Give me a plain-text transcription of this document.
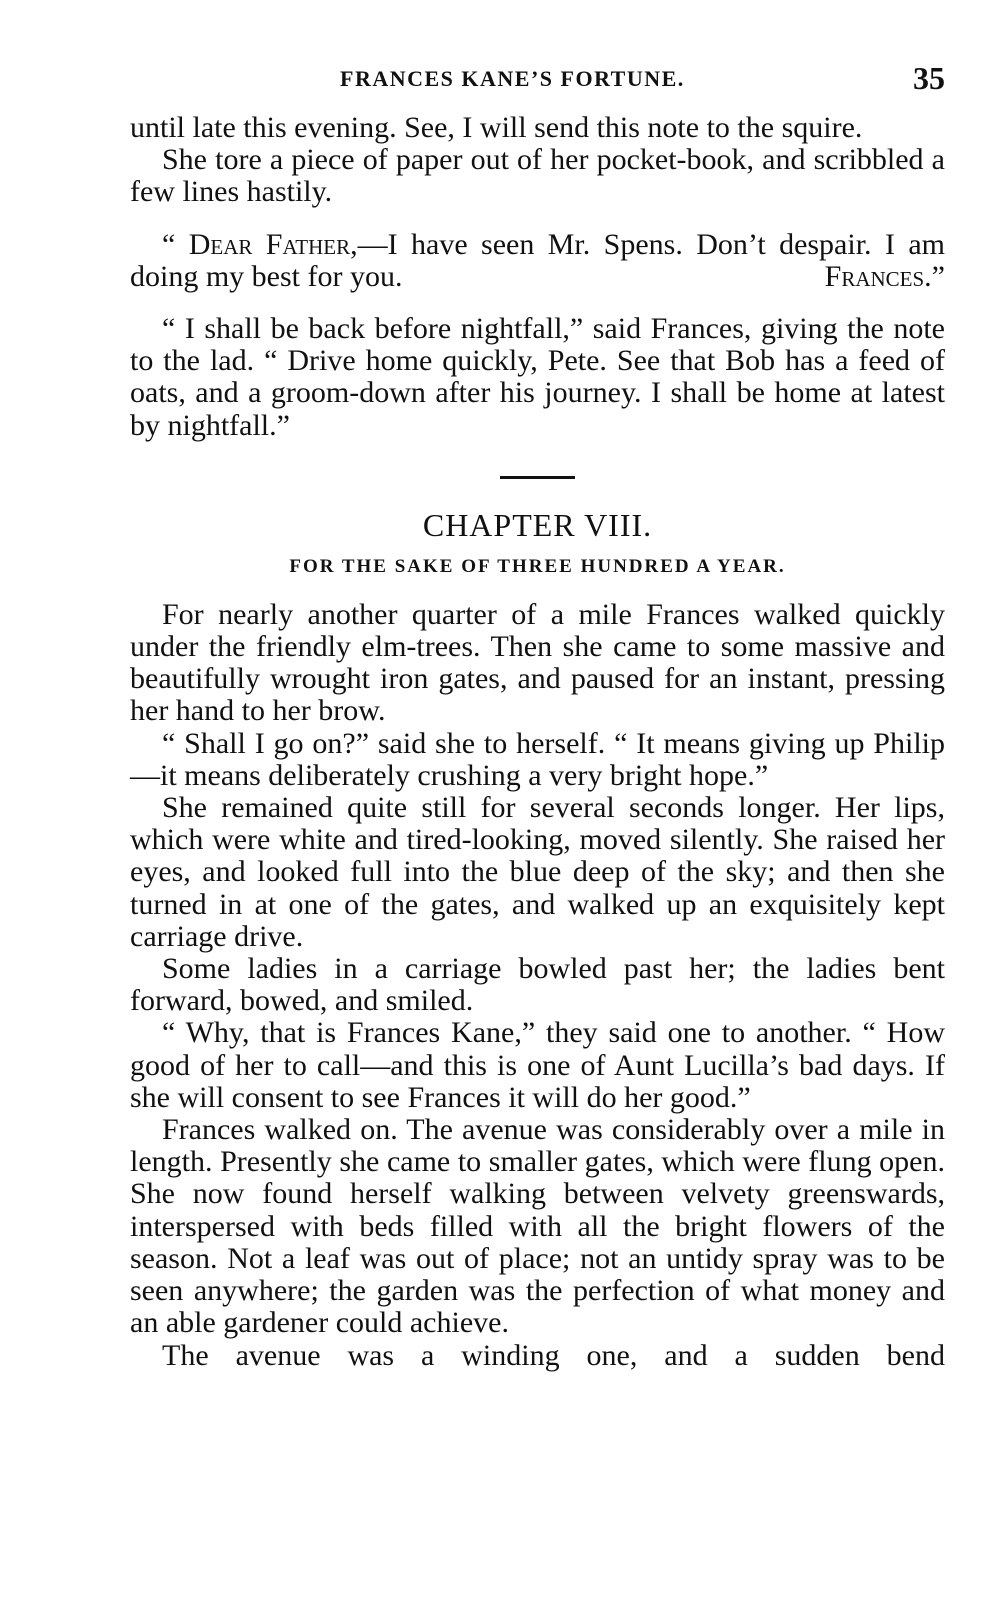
FRANCES KANE’S FORTUNE.	35

until late this evening. See, I will send this note to the squire.

She tore a piece of paper out of her pocket-book, and scribbled a few lines hastily.

“ Dear Father,—I have seen Mr. Spens. Don’t despair. I am doing my best for you.	Frances.”

“ I shall be back before nightfall,” said Frances, giving the note to the lad. “ Drive home quickly, Pete. See that Bob has a feed of oats, and a groom-down after his journey. I shall be home at latest by nightfall.”

CHAPTER VIII.
FOR THE SAKE OF THREE HUNDRED A YEAR.

For nearly another quarter of a mile Frances walked quickly under the friendly elm-trees. Then she came to some massive and beautifully wrought iron gates, and paused for an instant, pressing her hand to her brow.

“ Shall I go on?” said she to herself. “ It means giving up Philip—it means deliberately crushing a very bright hope.”

She remained quite still for several seconds longer. Her lips, which were white and tired-looking, moved silently. She raised her eyes, and looked full into the blue deep of the sky; and then she turned in at one of the gates, and walked up an exquisitely kept carriage drive.

Some ladies in a carriage bowled past her; the ladies bent forward, bowed, and smiled.

“ Why, that is Frances Kane,” they said one to another. “ How good of her to call—and this is one of Aunt Lucilla’s bad days. If she will consent to see Frances it will do her good.”

Frances walked on. The avenue was considerably over a mile in length. Presently she came to smaller gates, which were flung open. She now found herself walking between velvety greenswards, interspersed with beds filled with all the bright flowers of the season. Not a leaf was out of place; not an untidy spray was to be seen anywhere; the garden was the perfection of what money and an able gardener could achieve.

The avenue was a winding one, and a sudden bend
